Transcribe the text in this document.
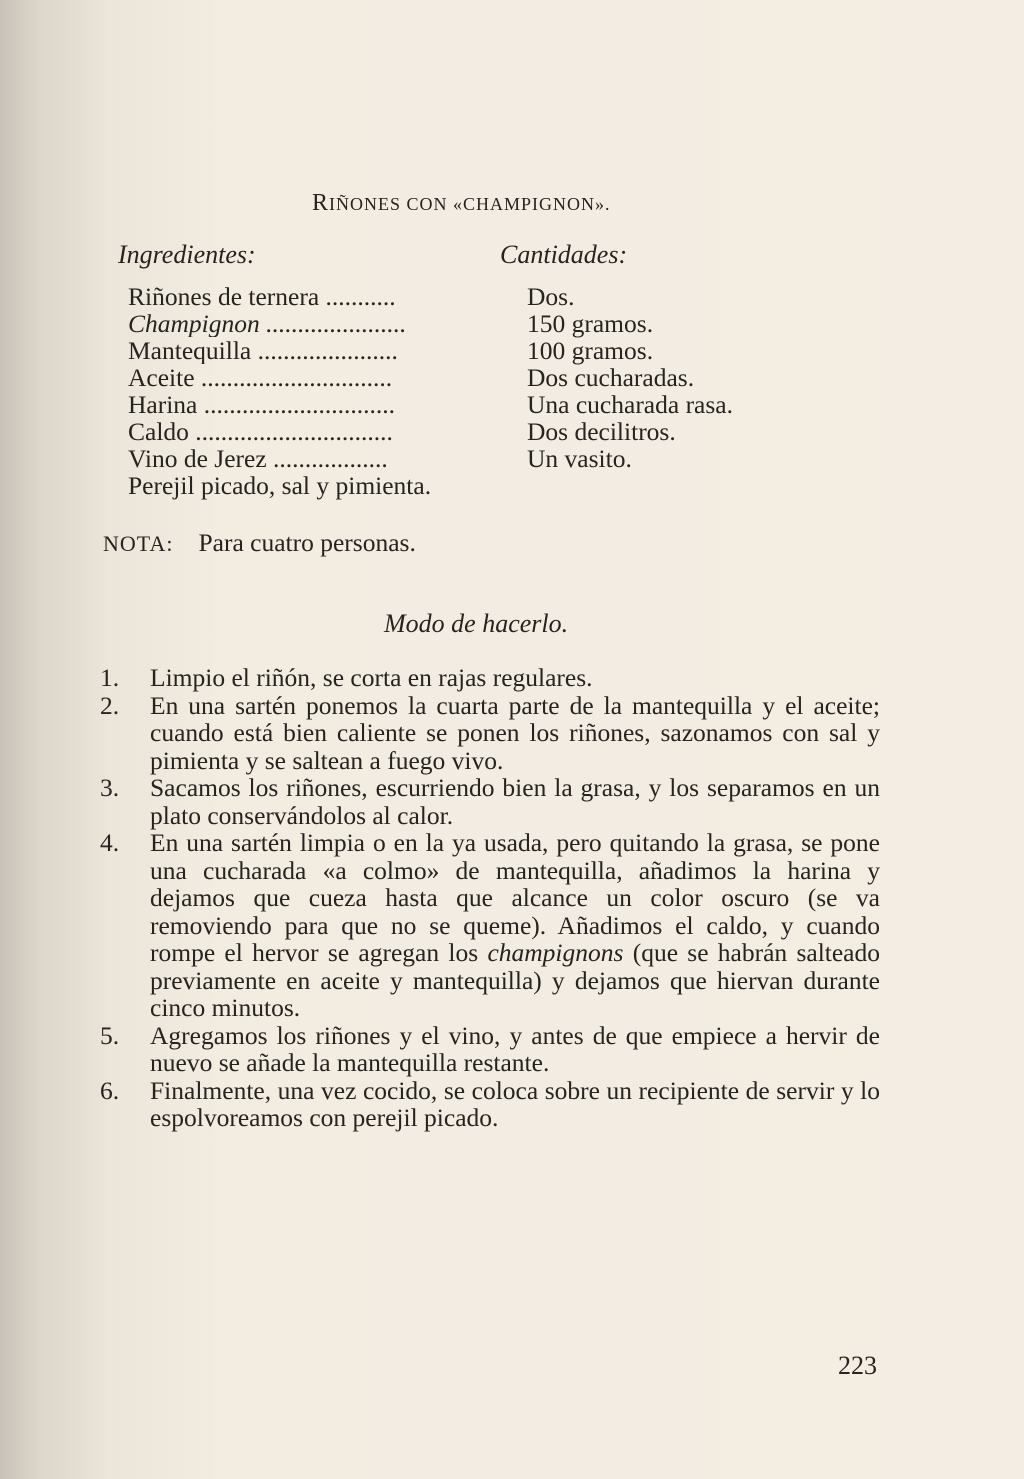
RIÑONES CON «CHAMPIGNON».
Ingredientes:	Cantidades:
Riñones de ternera ...........
Champignon ......................
Mantequilla ......................
Aceite ..............................
Harina ..............................
Caldo ...............................
Vino de Jerez ..................
Perejil picado, sal y pimienta.
Dos.
150 gramos.
100 gramos.
Dos cucharadas.
Una cucharada rasa.
Dos decilitros.
Un vasito.
NOTA: Para cuatro personas.
Modo de hacerlo.
1. Limpio el riñón, se corta en rajas regulares.
2. En una sartén ponemos la cuarta parte de la mantequilla y el aceite; cuando está bien caliente se ponen los riñones, sazonamos con sal y pimienta y se saltean a fuego vivo.
3. Sacamos los riñones, escurriendo bien la grasa, y los separamos en un plato conservándolos al calor.
4. En una sartén limpia o en la ya usada, pero quitando la grasa, se pone una cucharada «a colmo» de mantequilla, añadimos la harina y dejamos que cueza hasta que alcance un color oscuro (se va removiendo para que no se queme). Añadimos el caldo, y cuando rompe el hervor se agregan los champignons (que se habrán salteado previamente en aceite y mantequilla) y dejamos que hiervan durante cinco minutos.
5. Agregamos los riñones y el vino, y antes de que empiece a hervir de nuevo se añade la mantequilla restante.
6. Finalmente, una vez cocido, se coloca sobre un recipiente de servir y lo espolvoreamos con perejil picado.
223
